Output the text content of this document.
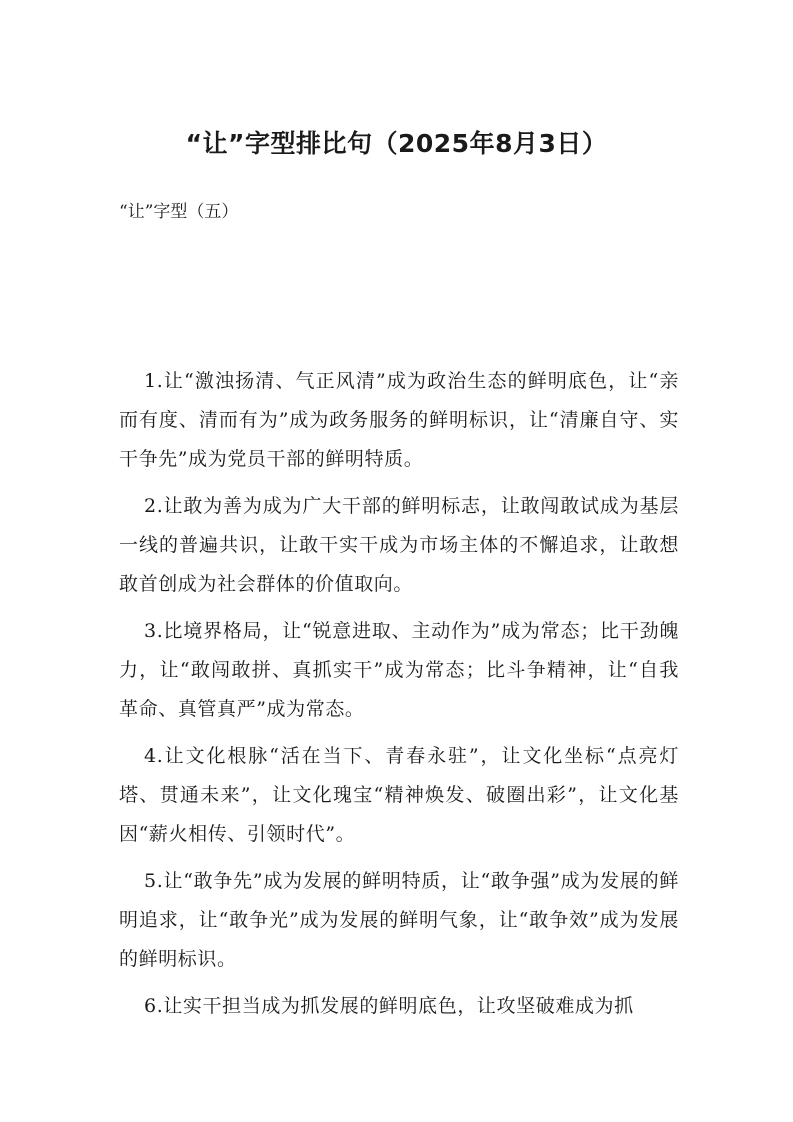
“让”字型排比句（2025年8月3日）

“让”字型（五）

1.让“激浊扬清、气正风清”成为政治生态的鲜明底色，让“亲而有度、清而有为”成为政务服务的鲜明标识，让“清廉自守、实干争先”成为党员干部的鲜明特质。

2.让敢为善为成为广大干部的鲜明标志，让敢闯敢试成为基层一线的普遍共识，让敢干实干成为市场主体的不懈追求，让敢想敢首创成为社会群体的价值取向。

3.比境界格局，让“锐意进取、主动作为”成为常态；比干劲魄力，让“敢闯敢拼、真抓实干”成为常态；比斗争精神，让“自我革命、真管真严”成为常态。

4.让文化根脉“活在当下、青春永驻”，让文化坐标“点亮灯塔、贯通未来”，让文化瑰宝“精神焕发、破圈出彩”，让文化基因“薪火相传、引领时代”。

5.让“敢争先”成为发展的鲜明特质，让“敢争强”成为发展的鲜明追求，让“敢争光”成为发展的鲜明气象，让“敢争效”成为发展的鲜明标识。

6.让实干担当成为抓发展的鲜明底色，让攻坚破难成为抓
